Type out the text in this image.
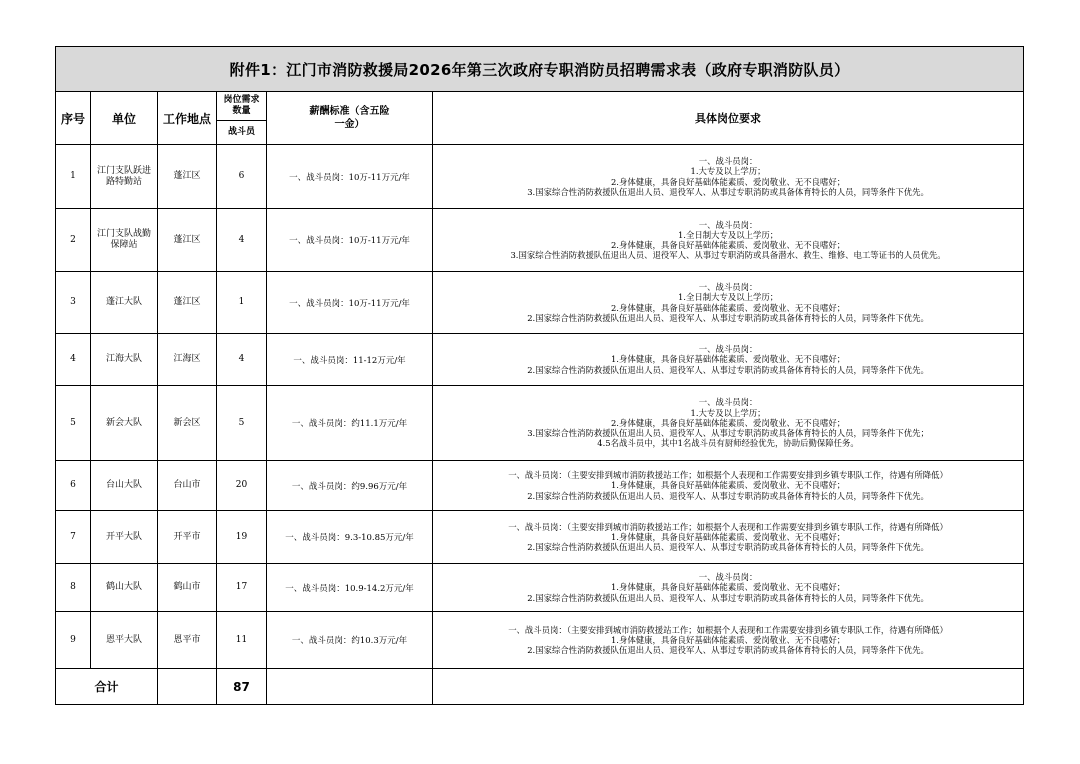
附件1：江门市消防救援局2026年第三次政府专职消防员招聘需求表（政府专职消防队员）					
序号	单位	工作地点	岗位需求数量	薪酬标准（含五险一金）	具体岗位要求
			战斗员		
1	江门支队跃进路特勤站	蓬江区	6	一、战斗员岗：10万-11万元/年	一、战斗员岗：
1.大专及以上学历；
2.身体健康，具备良好基础体能素质、爱岗敬业、无不良嗜好；
3.国家综合性消防救援队伍退出人员、退役军人、从事过专职消防或具备体育特长的人员，同等条件下优先。

2	江门支队战勤保障站	蓬江区	4	一、战斗员岗：10万-11万元/年	一、战斗员岗：
1.全日制大专及以上学历；
2.身体健康，具备良好基础体能素质、爱岗敬业、无不良嗜好；
3.国家综合性消防救援队伍退出人员、退役军人、从事过专职消防或具备潜水、救生、维修、电工等证书的人员优先。

3	蓬江大队	蓬江区	1	一、战斗员岗：10万-11万元/年	一、战斗员岗：
1.全日制大专及以上学历；
2.身体健康，具备良好基础体能素质、爱岗敬业、无不良嗜好；
2.国家综合性消防救援队伍退出人员、退役军人、从事过专职消防或具备体育特长的人员，同等条件下优先。

4	江海大队	江海区	4	一、战斗员岗：11-12万元/年	一、战斗员岗：
1.身体健康，具备良好基础体能素质、爱岗敬业、无不良嗜好；
2.国家综合性消防救援队伍退出人员、退役军人、从事过专职消防或具备体育特长的人员，同等条件下优先。

5	新会大队	新会区	5	一、战斗员岗：约11.1万元/年	一、战斗员岗：
1.大专及以上学历；
2.身体健康，具备良好基础体能素质、爱岗敬业、无不良嗜好；
3.国家综合性消防救援队伍退出人员、退役军人、从事过专职消防或具备体育特长的人员，同等条件下优先；
4.5名战斗员中，其中1名战斗员有厨师经验优先，协助后勤保障任务。

6	台山大队	台山市	20	一、战斗员岗：约9.96万元/年	一、战斗员岗：（主要安排到城市消防救援站工作；如根据个人表现和工作需要安排到乡镇专职队工作，待遇有所降低）
1.身体健康，具备良好基础体能素质、爱岗敬业、无不良嗜好；
2.国家综合性消防救援队伍退出人员、退役军人、从事过专职消防或具备体育特长的人员，同等条件下优先。

7	开平大队	开平市	19	一、战斗员岗：9.3-10.85万元/年	一、战斗员岗：（主要安排到城市消防救援站工作；如根据个人表现和工作需要安排到乡镇专职队工作，待遇有所降低）
1.身体健康，具备良好基础体能素质、爱岗敬业、无不良嗜好；
2.国家综合性消防救援队伍退出人员、退役军人、从事过专职消防或具备体育特长的人员，同等条件下优先。

8	鹤山大队	鹤山市	17	一、战斗员岗：10.9-14.2万元/年	一、战斗员岗：
1.身体健康，具备良好基础体能素质、爱岗敬业、无不良嗜好；
2.国家综合性消防救援队伍退出人员、退役军人、从事过专职消防或具备体育特长的人员，同等条件下优先。

9	恩平大队	恩平市	11	一、战斗员岗：约10.3万元/年	一、战斗员岗：（主要安排到城市消防救援站工作；如根据个人表现和工作需要安排到乡镇专职队工作，待遇有所降低）
1.身体健康，具备良好基础体能素质、爱岗敬业、无不良嗜好；
2.国家综合性消防救援队伍退出人员、退役军人、从事过专职消防或具备体育特长的人员，同等条件下优先。

合计			87		
